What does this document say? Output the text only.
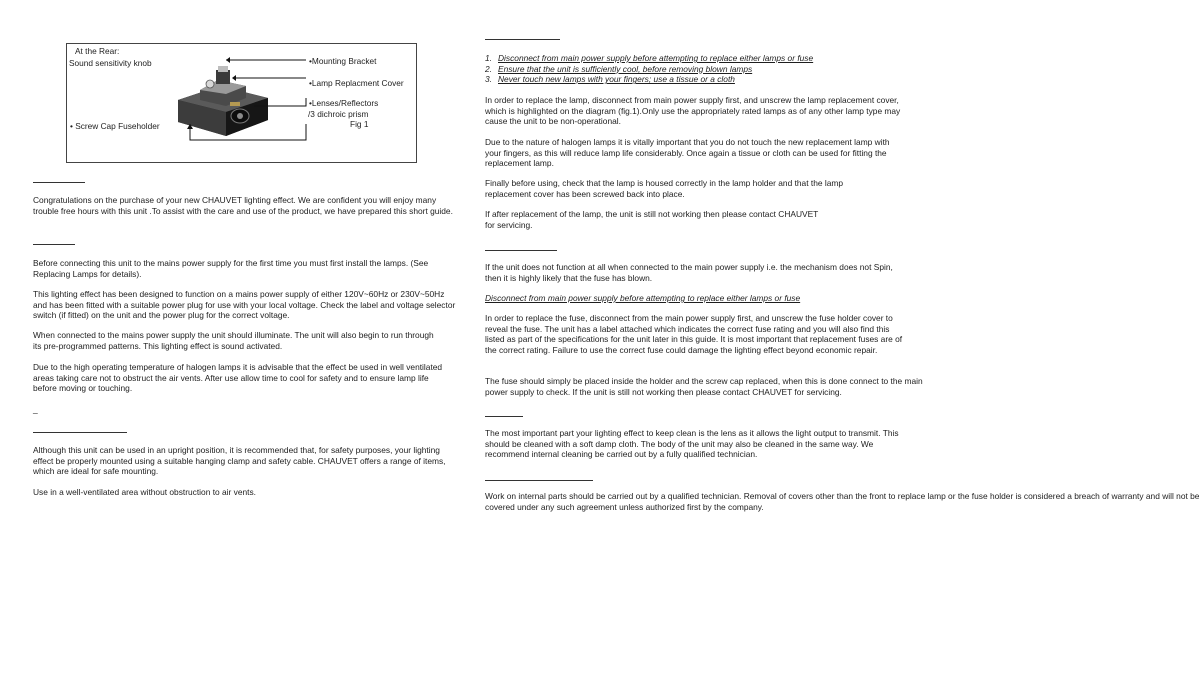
At the Rear:
Sound sensitivity knob	•Mounting Bracket
•Lamp Replacment Cover
•Lenses/Reflectors
/3 dichroic prism
Fig 1
• Screw Cap Fuseholder

Congratulations on the purchase of your new CHAUVET lighting effect. We are confident you will enjoy many trouble free hours with this unit .To assist with the care and use of the product, we have prepared this short guide.

Before connecting this unit to the mains power supply for the first time you must first install the lamps. (See Replacing Lamps for details).

This lighting effect has been designed to function on a mains power supply of either 120V~60Hz or 230V~50Hz and has been fitted with a suitable power plug for use with your local voltage. Check the label and voltage selector switch (if fitted) on the unit and the power plug for the correct voltage.

When connected to the mains power supply the unit should illuminate. The unit will also begin to run through its pre-programmed patterns. This lighting effect is sound activated.

Due to the high operating temperature of halogen lamps it is advisable that the effect be used in well ventilated areas taking care not to obstruct the air vents. After use allow time to cool for safety and to ensure lamp life before moving or touching.

_

Although this unit can be used in an upright position, it is recommended that, for safety purposes, your lighting effect be properly mounted using a suitable hanging clamp and safety cable. CHAUVET offers a range of items, which are ideal for safe mounting.

Use in a well-ventilated area without obstruction to air vents.

1. Disconnect from main power supply before attempting to replace either lamps or fuse
2. Ensure that the unit is sufficiently cool, before removing blown lamps
3. Never touch new lamps with your fingers; use a tissue or a cloth

In order to replace the lamp, disconnect from main power supply first, and unscrew the lamp replacement cover, which is highlighted on the diagram (fig.1).Only use the appropriately rated lamps as of any other lamp type may cause the unit to be non-operational.

Due to the nature of halogen lamps it is vitally important that you do not touch the new replacement lamp with your fingers, as this will reduce lamp life considerably. Once again a tissue or cloth can be used for fitting the replacement lamp.

Finally before using, check that the lamp is housed correctly in the lamp holder and that the lamp
replacement cover has been screwed back into place.

If after replacement of the lamp, the unit is still not working then please contact CHAUVET
for servicing.

If the unit does not function at all when connected to the main power supply i.e. the mechanism does not Spin, then it is highly likely that the fuse has blown.

Disconnect from main power supply before attempting to replace either lamps or fuse

In order to replace the fuse, disconnect from the main power supply first, and unscrew the fuse holder cover to reveal the fuse. The unit has a label attached which indicates the correct fuse rating and you will also find this listed as part of the specifications for the unit later in this guide. It is most important that replacement fuses are of the correct rating. Failure to use the correct fuse could damage the lighting effect beyond economic repair.

The fuse should simply be placed inside the holder and the screw cap replaced, when this is done connect to the main power supply to check. If the unit is still not working then please contact CHAUVET for servicing.

The most important part your lighting effect to keep clean is the lens as it allows the light output to transmit. This should be cleaned with a soft damp cloth. The body of the unit may also be cleaned in the same way. We recommend internal cleaning be carried out by a fully qualified technician.

Work on internal parts should be carried out by a qualified technician. Removal of covers other than the front to replace lamp or the fuse holder is considered a breach of warranty and will not be
covered under any such agreement unless authorized first by the company.
